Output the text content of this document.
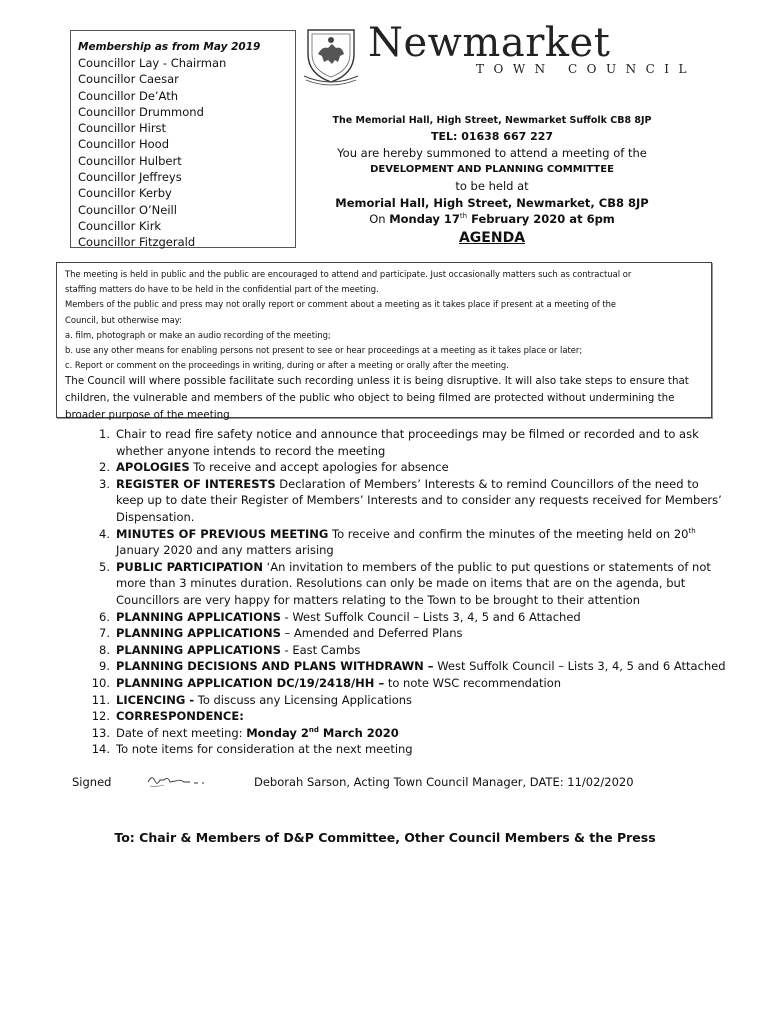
Membership as from May 2019
Councillor Lay - Chairman
Councillor Caesar
Councillor De’Ath
Councillor Drummond
Councillor Hirst
Councillor Hood
Councillor Hulbert
Councillor Jeffreys
Councillor Kerby
Councillor O’Neill
Councillor Kirk
Councillor Fitzgerald
Newmarket
TOWN COUNCIL
The Memorial Hall, High Street, Newmarket Suffolk CB8 8JP
TEL: 01638 667 227
You are hereby summoned to attend a meeting of the
DEVELOPMENT AND PLANNING COMMITTEE
to be held at
Memorial Hall, High Street, Newmarket, CB8 8JP
On Monday 17th February 2020 at 6pm
AGENDA
The meeting is held in public and the public are encouraged to attend and participate. Just occasionally matters such as contractual or
staffing matters do have to be held in the confidential part of the meeting.
Members of the public and press may not orally report or comment about a meeting as it takes place if present at a meeting of the
Council, but otherwise may:
a. film, photograph or make an audio recording of the meeting;
b. use any other means for enabling persons not present to see or hear proceedings at a meeting as it takes place or later;
c. Report or comment on the proceedings in writing, during or after a meeting or orally after the meeting.
The Council will where possible facilitate such recording unless it is being disruptive. It will also take steps to ensure that
children, the vulnerable and members of the public who object to being filmed are protected without undermining the
broader purpose of the meeting
1. Chair to read fire safety notice and announce that proceedings may be filmed or recorded and to ask whether anyone intends to record the meeting
2. APOLOGIES To receive and accept apologies for absence
3. REGISTER OF INTERESTS Declaration of Members’ Interests & to remind Councillors of the need to keep up to date their Register of Members’ Interests and to consider any requests received for Members’ Dispensation.
4. MINUTES OF PREVIOUS MEETING To receive and confirm the minutes of the meeting held on 20th January 2020 and any matters arising
5. PUBLIC PARTICIPATION ‘An invitation to members of the public to put questions or statements of not more than 3 minutes duration. Resolutions can only be made on items that are on the agenda, but Councillors are very happy for matters relating to the Town to be brought to their attention
6. PLANNING APPLICATIONS - West Suffolk Council – Lists 3, 4, 5 and 6 Attached
7. PLANNING APPLICATIONS – Amended and Deferred Plans
8. PLANNING APPLICATIONS - East Cambs
9. PLANNING DECISIONS AND PLANS WITHDRAWN – West Suffolk Council – Lists 3, 4, 5 and 6 Attached
10. PLANNING APPLICATION DC/19/2418/HH – to note WSC recommendation
11. LICENCING - To discuss any Licensing Applications
12. CORRESPONDENCE:
13. Date of next meeting: Monday 2nd March 2020
14. To note items for consideration at the next meeting
Signed	Deborah Sarson, Acting Town Council Manager, DATE: 11/02/2020
To: Chair & Members of D&P Committee, Other Council Members & the Press
